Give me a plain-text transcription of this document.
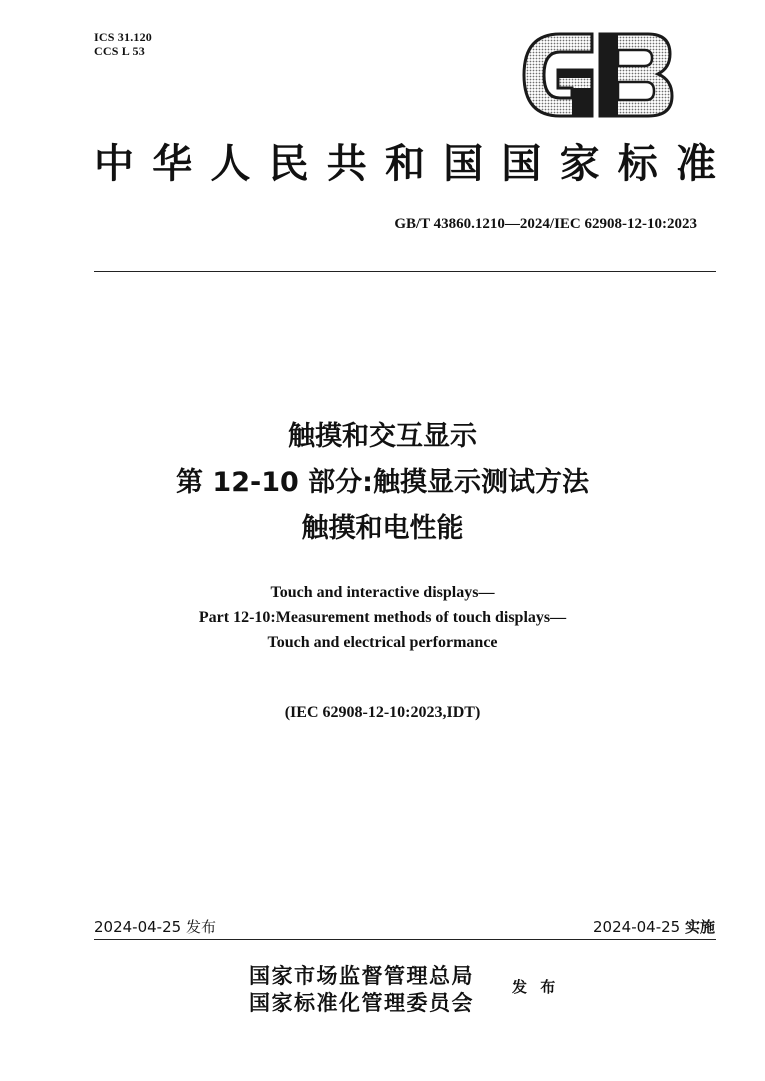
ICS 31.120
CCS L 53
中华人民共和国国家标准
GB/T 43860.1210—2024/IEC 62908-12-10:2023
触摸和交互显示
第 12-10 部分:触摸显示测试方法
触摸和电性能
Touch and interactive displays—
Part 12-10:Measurement methods of touch displays—
Touch and electrical performance
(IEC 62908-12-10:2023,IDT)
2024-04-25 发布	2024-04-25 实施
国家市场监督管理总局
国家标准化管理委员会
发 布
